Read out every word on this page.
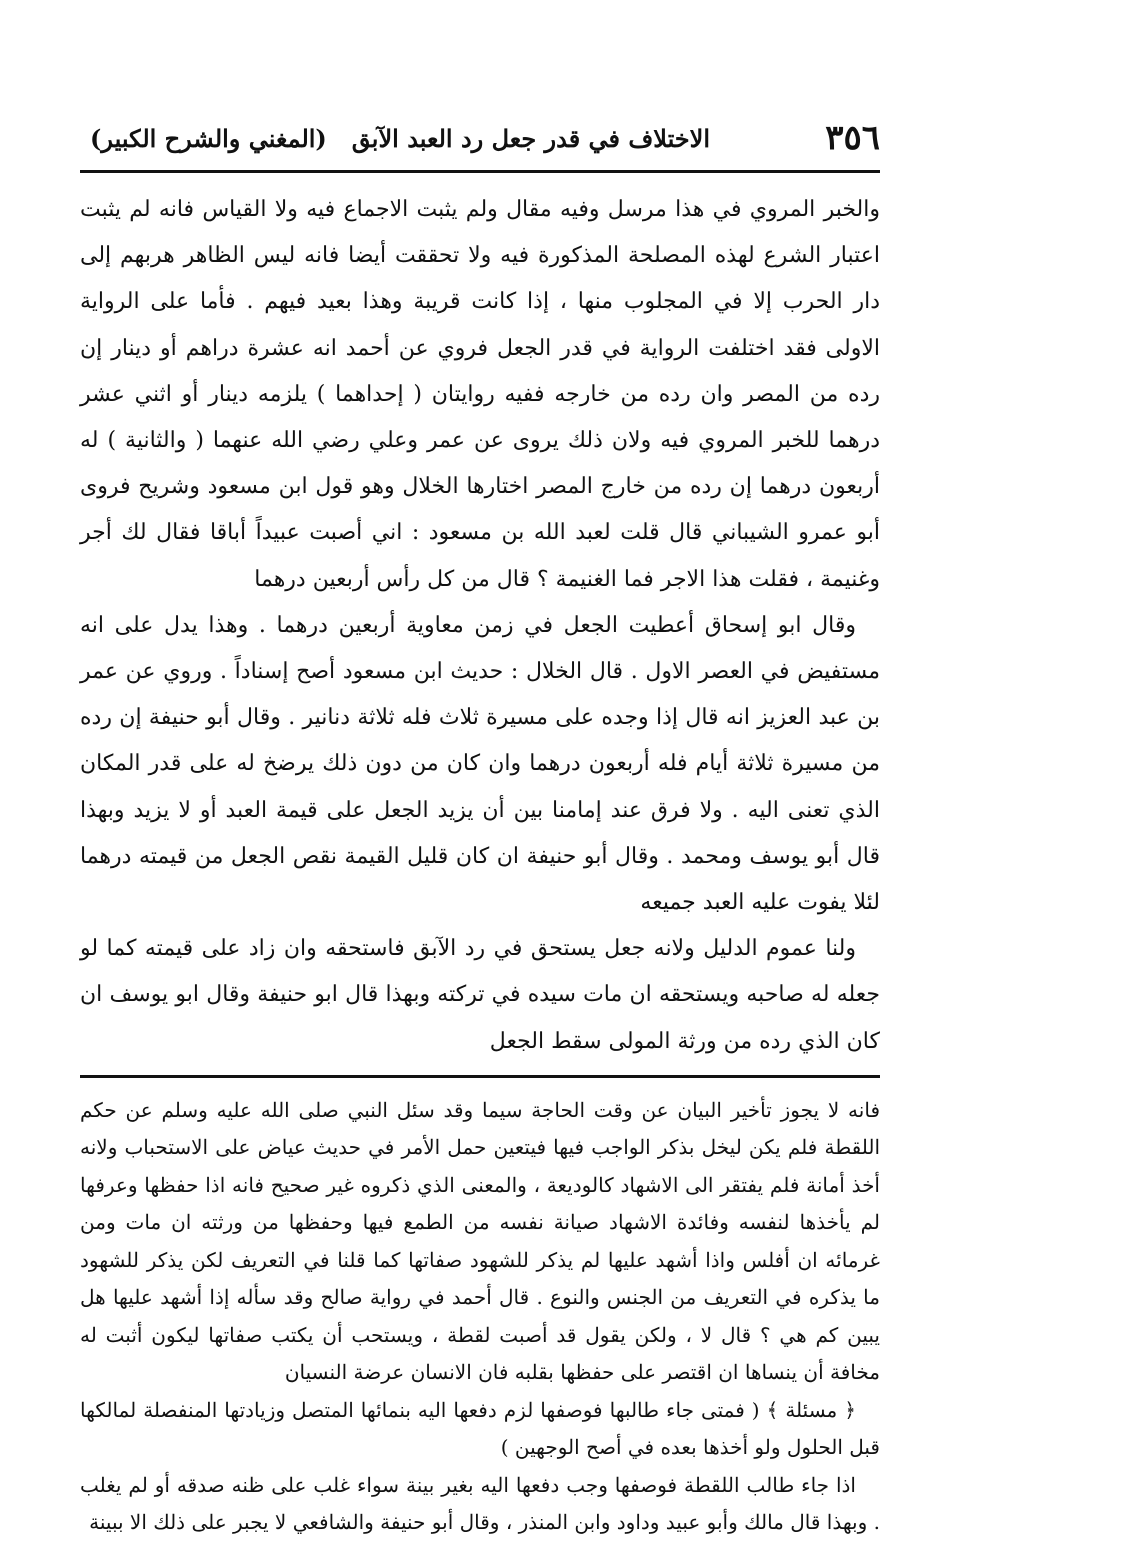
٣٥٦
الاختلاف في قدر جعل رد العبد الآبق
(المغني والشرح الكبير)

والخبر المروي في هذا مرسل وفيه مقال ولم يثبت الاجماع فيه ولا القياس فانه لم يثبت اعتبار الشرع لهذه المصلحة المذكورة فيه ولا تحققت أيضا فانه ليس الظاهر هربهم إلى دار الحرب إلا في المجلوب منها ، إذا كانت قريبة وهذا بعيد فيهم . فأما على الرواية الاولى فقد اختلفت الرواية في قدر الجعل فروي عن أحمد انه عشرة دراهم أو دينار إن رده من المصر وان رده من خارجه ففيه روايتان ( إحداهما ) يلزمه دينار أو اثني عشر درهما للخبر المروي فيه ولان ذلك يروى عن عمر وعلي رضي الله عنهما ( والثانية ) له أربعون درهما إن رده من خارج المصر اختارها الخلال وهو قول ابن مسعود وشريح فروى أبو عمرو الشيباني قال قلت لعبد الله بن مسعود : اني أصبت عبيداً أباقا فقال لك أجر وغنيمة ، فقلت هذا الاجر فما الغنيمة ؟ قال من كل رأس أربعين درهما

وقال ابو إسحاق أعطيت الجعل في زمن معاوية أربعين درهما . وهذا يدل على انه مستفيض في العصر الاول . قال الخلال : حديث ابن مسعود أصح إسناداً . وروي عن عمر بن عبد العزيز انه قال إذا وجده على مسيرة ثلاث فله ثلاثة دنانير . وقال أبو حنيفة إن رده من مسيرة ثلاثة أيام فله أربعون درهما وان كان من دون ذلك يرضخ له على قدر المكان الذي تعنى اليه . ولا فرق عند إمامنا بين أن يزيد الجعل على قيمة العبد أو لا يزيد وبهذا قال أبو يوسف ومحمد . وقال أبو حنيفة ان كان قليل القيمة نقص الجعل من قيمته درهما لئلا يفوت عليه العبد جميعه

ولنا عموم الدليل ولانه جعل يستحق في رد الآبق فاستحقه وان زاد على قيمته كما لو جعله له صاحبه ويستحقه ان مات سيده في تركته وبهذا قال ابو حنيفة وقال ابو يوسف ان كان الذي رده من ورثة المولى سقط الجعل

فانه لا يجوز تأخير البيان عن وقت الحاجة سيما وقد سئل النبي صلى الله عليه وسلم عن حكم اللقطة فلم يكن ليخل بذكر الواجب فيها فيتعين حمل الأمر في حديث عياض على الاستحباب ولانه أخذ أمانة فلم يفتقر الى الاشهاد كالوديعة ، والمعنى الذي ذكروه غير صحيح فانه اذا حفظها وعرفها لم يأخذها لنفسه وفائدة الاشهاد صيانة نفسه من الطمع فيها وحفظها من ورثته ان مات ومن غرمائه ان أفلس واذا أشهد عليها لم يذكر للشهود صفاتها كما قلنا في التعريف لكن يذكر للشهود ما يذكره في التعريف من الجنس والنوع . قال أحمد في رواية صالح وقد سأله إذا أشهد عليها هل يبين كم هي ؟ قال لا ، ولكن يقول قد أصبت لقطة ، ويستحب أن يكتب صفاتها ليكون أثبت له مخافة أن ينساها ان اقتصر على حفظها بقلبه فان الانسان عرضة النسيان

﴿ مسئلة ﴾ ( فمتى جاء طالبها فوصفها لزم دفعها اليه بنمائها المتصل وزيادتها المنفصلة لمالكها قبل الحلول ولو أخذها بعده في أصح الوجهين )

اذا جاء طالب اللقطة فوصفها وجب دفعها اليه بغير بينة سواء غلب على ظنه صدقه أو لم يغلب . وبهذا قال مالك وأبو عبيد وداود وابن المنذر ، وقال أبو حنيفة والشافعي لا يجبر على ذلك الا ببينة
